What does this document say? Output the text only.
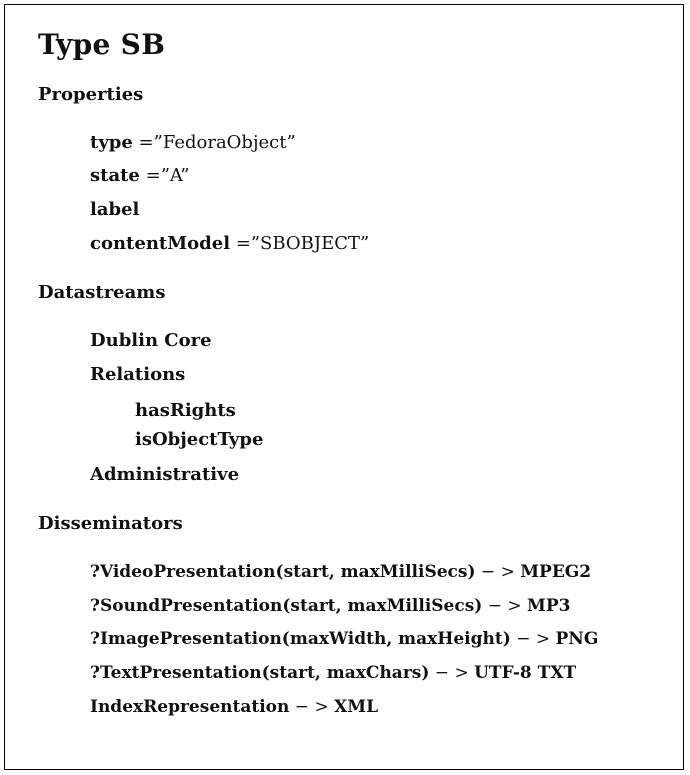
Type SB
Properties
type =”FedoraObject”
state =”A”
label
contentModel =”SBOBJECT”
Datastreams
Dublin Core
Relations
hasRights
isObjectType
Administrative
Disseminators
?VideoPresentation(start, maxMilliSecs) − > MPEG2
?SoundPresentation(start, maxMilliSecs) − > MP3
?ImagePresentation(maxWidth, maxHeight) − > PNG
?TextPresentation(start, maxChars) − > UTF-8 TXT
IndexRepresentation − > XML
